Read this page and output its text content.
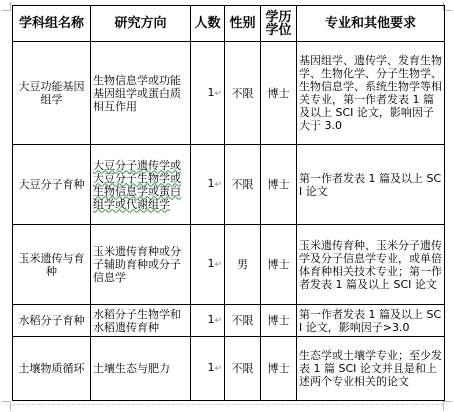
学科组名称	研究方向	人数	性别	学历学位	专业和其他要求
大豆功能基因组学	生物信息学或功能基因组学或蛋白质相互作用	1↵	不限	博士	基因组学、遗传学、发育生物学、生物化学、分子生物学、生物信息学、系统生物学等相关专业，第一作者发表 1 篇及以上 SCI 论文，影响因子大于 3.0
大豆分子育种	大豆分子遗传学或大豆分子生物学或生物信息学或蛋白组学或代谢组学	1↵	不限	博士	第一作者发表 1 篇及以上 SCI 论文
玉米遗传与育种	玉米遗传育种或分子辅助育种或分子信息学	1↵	男	博士	玉米遗传育种、玉米分子遗传学及分子信息学专业，或单倍体育种相关技术专业；第一作者发表 1 篇及以上 SCI 论文
水稻分子育种	水稻分子生物学和水稻遗传育种	1↵	不限	博士	第一作者发表 1 篇及以上 SCI 论文，影响因子>3.0
土壤物质循环	土壤生态与肥力	1↵	不限	博士	生态学或土壤学专业；至少发表 1 篇 SCI 论文并且是和上述两个专业相关的论文
